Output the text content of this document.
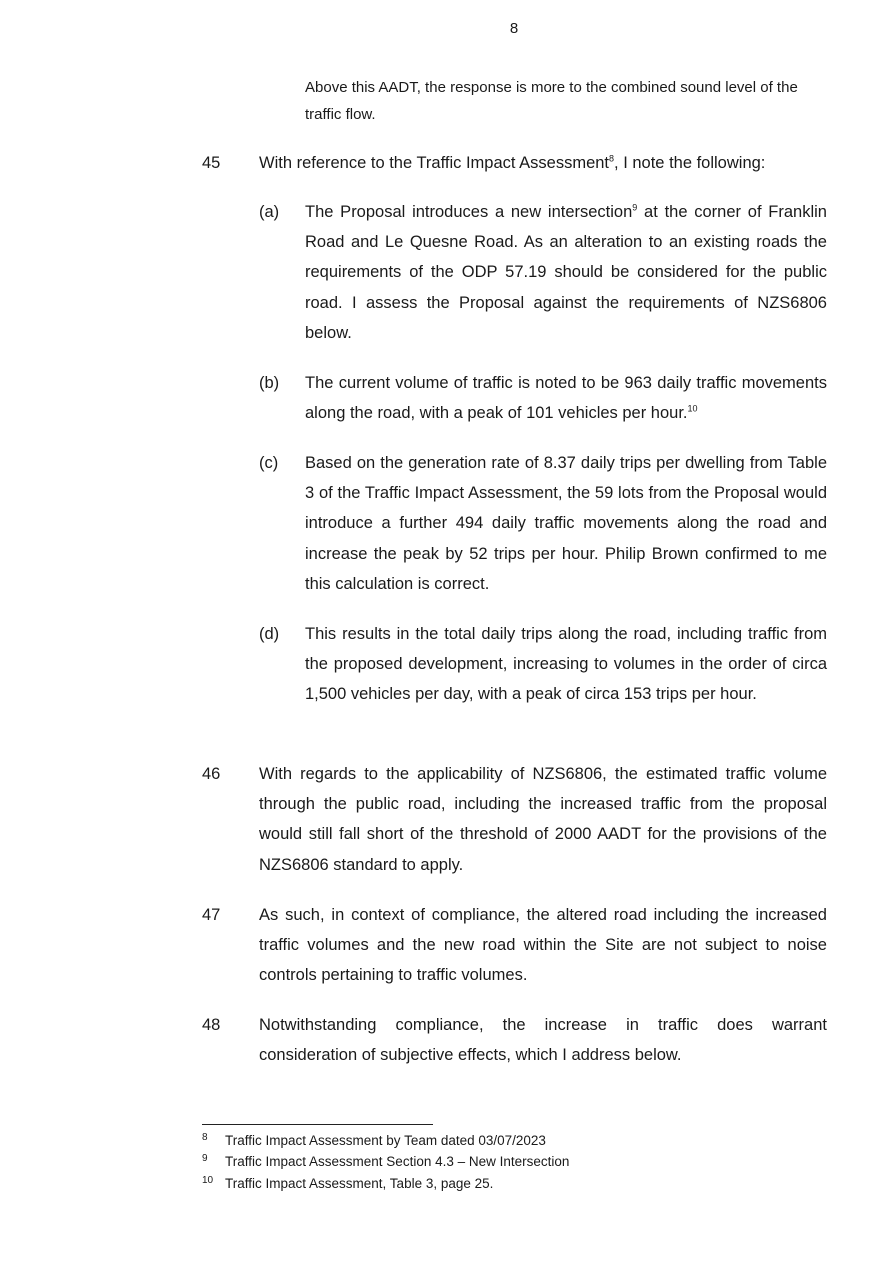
8
Above this AADT, the response is more to the combined sound level of the traffic flow.
45	With reference to the Traffic Impact Assessment$^8$, I note the following:
(a)	The Proposal introduces a new intersection$^9$ at the corner of Franklin Road and Le Quesne Road. As an alteration to an existing roads the requirements of the ODP 57.19 should be considered for the public road. I assess the Proposal against the requirements of NZS6806 below.
(b)	The current volume of traffic is noted to be 963 daily traffic movements along the road, with a peak of 101 vehicles per hour.$^{10}$
(c)	Based on the generation rate of 8.37 daily trips per dwelling from Table 3 of the Traffic Impact Assessment, the 59 lots from the Proposal would introduce a further 494 daily traffic movements along the road and increase the peak by 52 trips per hour. Philip Brown confirmed to me this calculation is correct.
(d)	This results in the total daily trips along the road, including traffic from the proposed development, increasing to volumes in the order of circa 1,500 vehicles per day, with a peak of circa 153 trips per hour.
46	With regards to the applicability of NZS6806, the estimated traffic volume through the public road, including the increased traffic from the proposal would still fall short of the threshold of 2000 AADT for the provisions of the NZS6806 standard to apply.
47	As such, in context of compliance, the altered road including the increased traffic volumes and the new road within the Site are not subject to noise controls pertaining to traffic volumes.
48	Notwithstanding compliance, the increase in traffic does warrant consideration of subjective effects, which I address below.
8 Traffic Impact Assessment by Team dated 03/07/2023
9 Traffic Impact Assessment Section 4.3 – New Intersection
10 Traffic Impact Assessment, Table 3, page 25.
